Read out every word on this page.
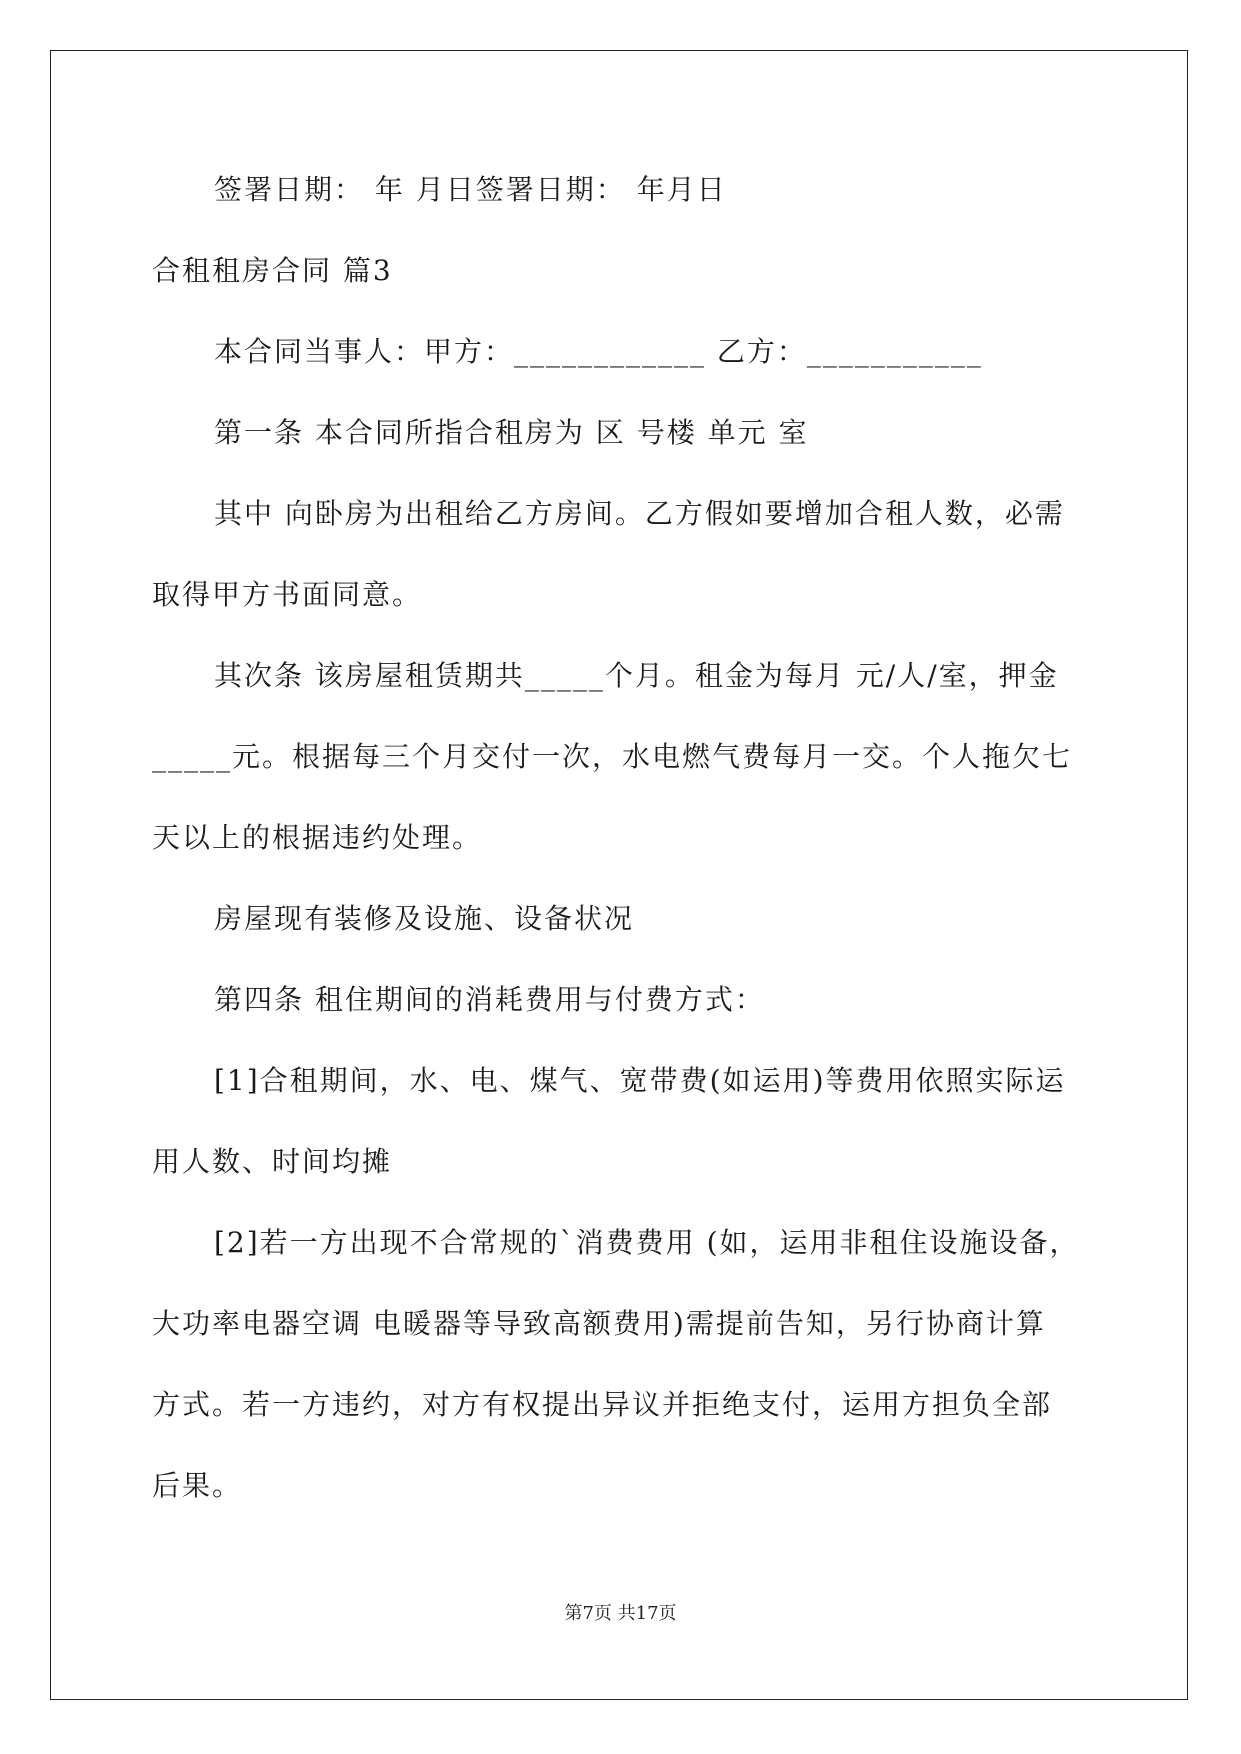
签署日期： 年 月日签署日期： 年月日
合租租房合同 篇3
本合同当事人：甲方：____________ 乙方：___________
第一条 本合同所指合租房为 区 号楼 单元 室
其中 向卧房为出租给乙方房间。乙方假如要增加合租人数，必需
取得甲方书面同意。
其次条 该房屋租赁期共_____个月。租金为每月 元/人/室，押金
_____元。根据每三个月交付一次，水电燃气费每月一交。个人拖欠七
天以上的根据违约处理。
房屋现有装修及设施、设备状况
第四条 租住期间的消耗费用与付费方式：
[1]合租期间，水、电、煤气、宽带费(如运用)等费用依照实际运
用人数、时间均摊
[2]若一方出现不合常规的`消费费用 (如，运用非租住设施设备，
大功率电器空调 电暖器等导致高额费用)需提前告知，另行协商计算
方式。若一方违约，对方有权提出异议并拒绝支付，运用方担负全部
后果。
第7页 共17页
